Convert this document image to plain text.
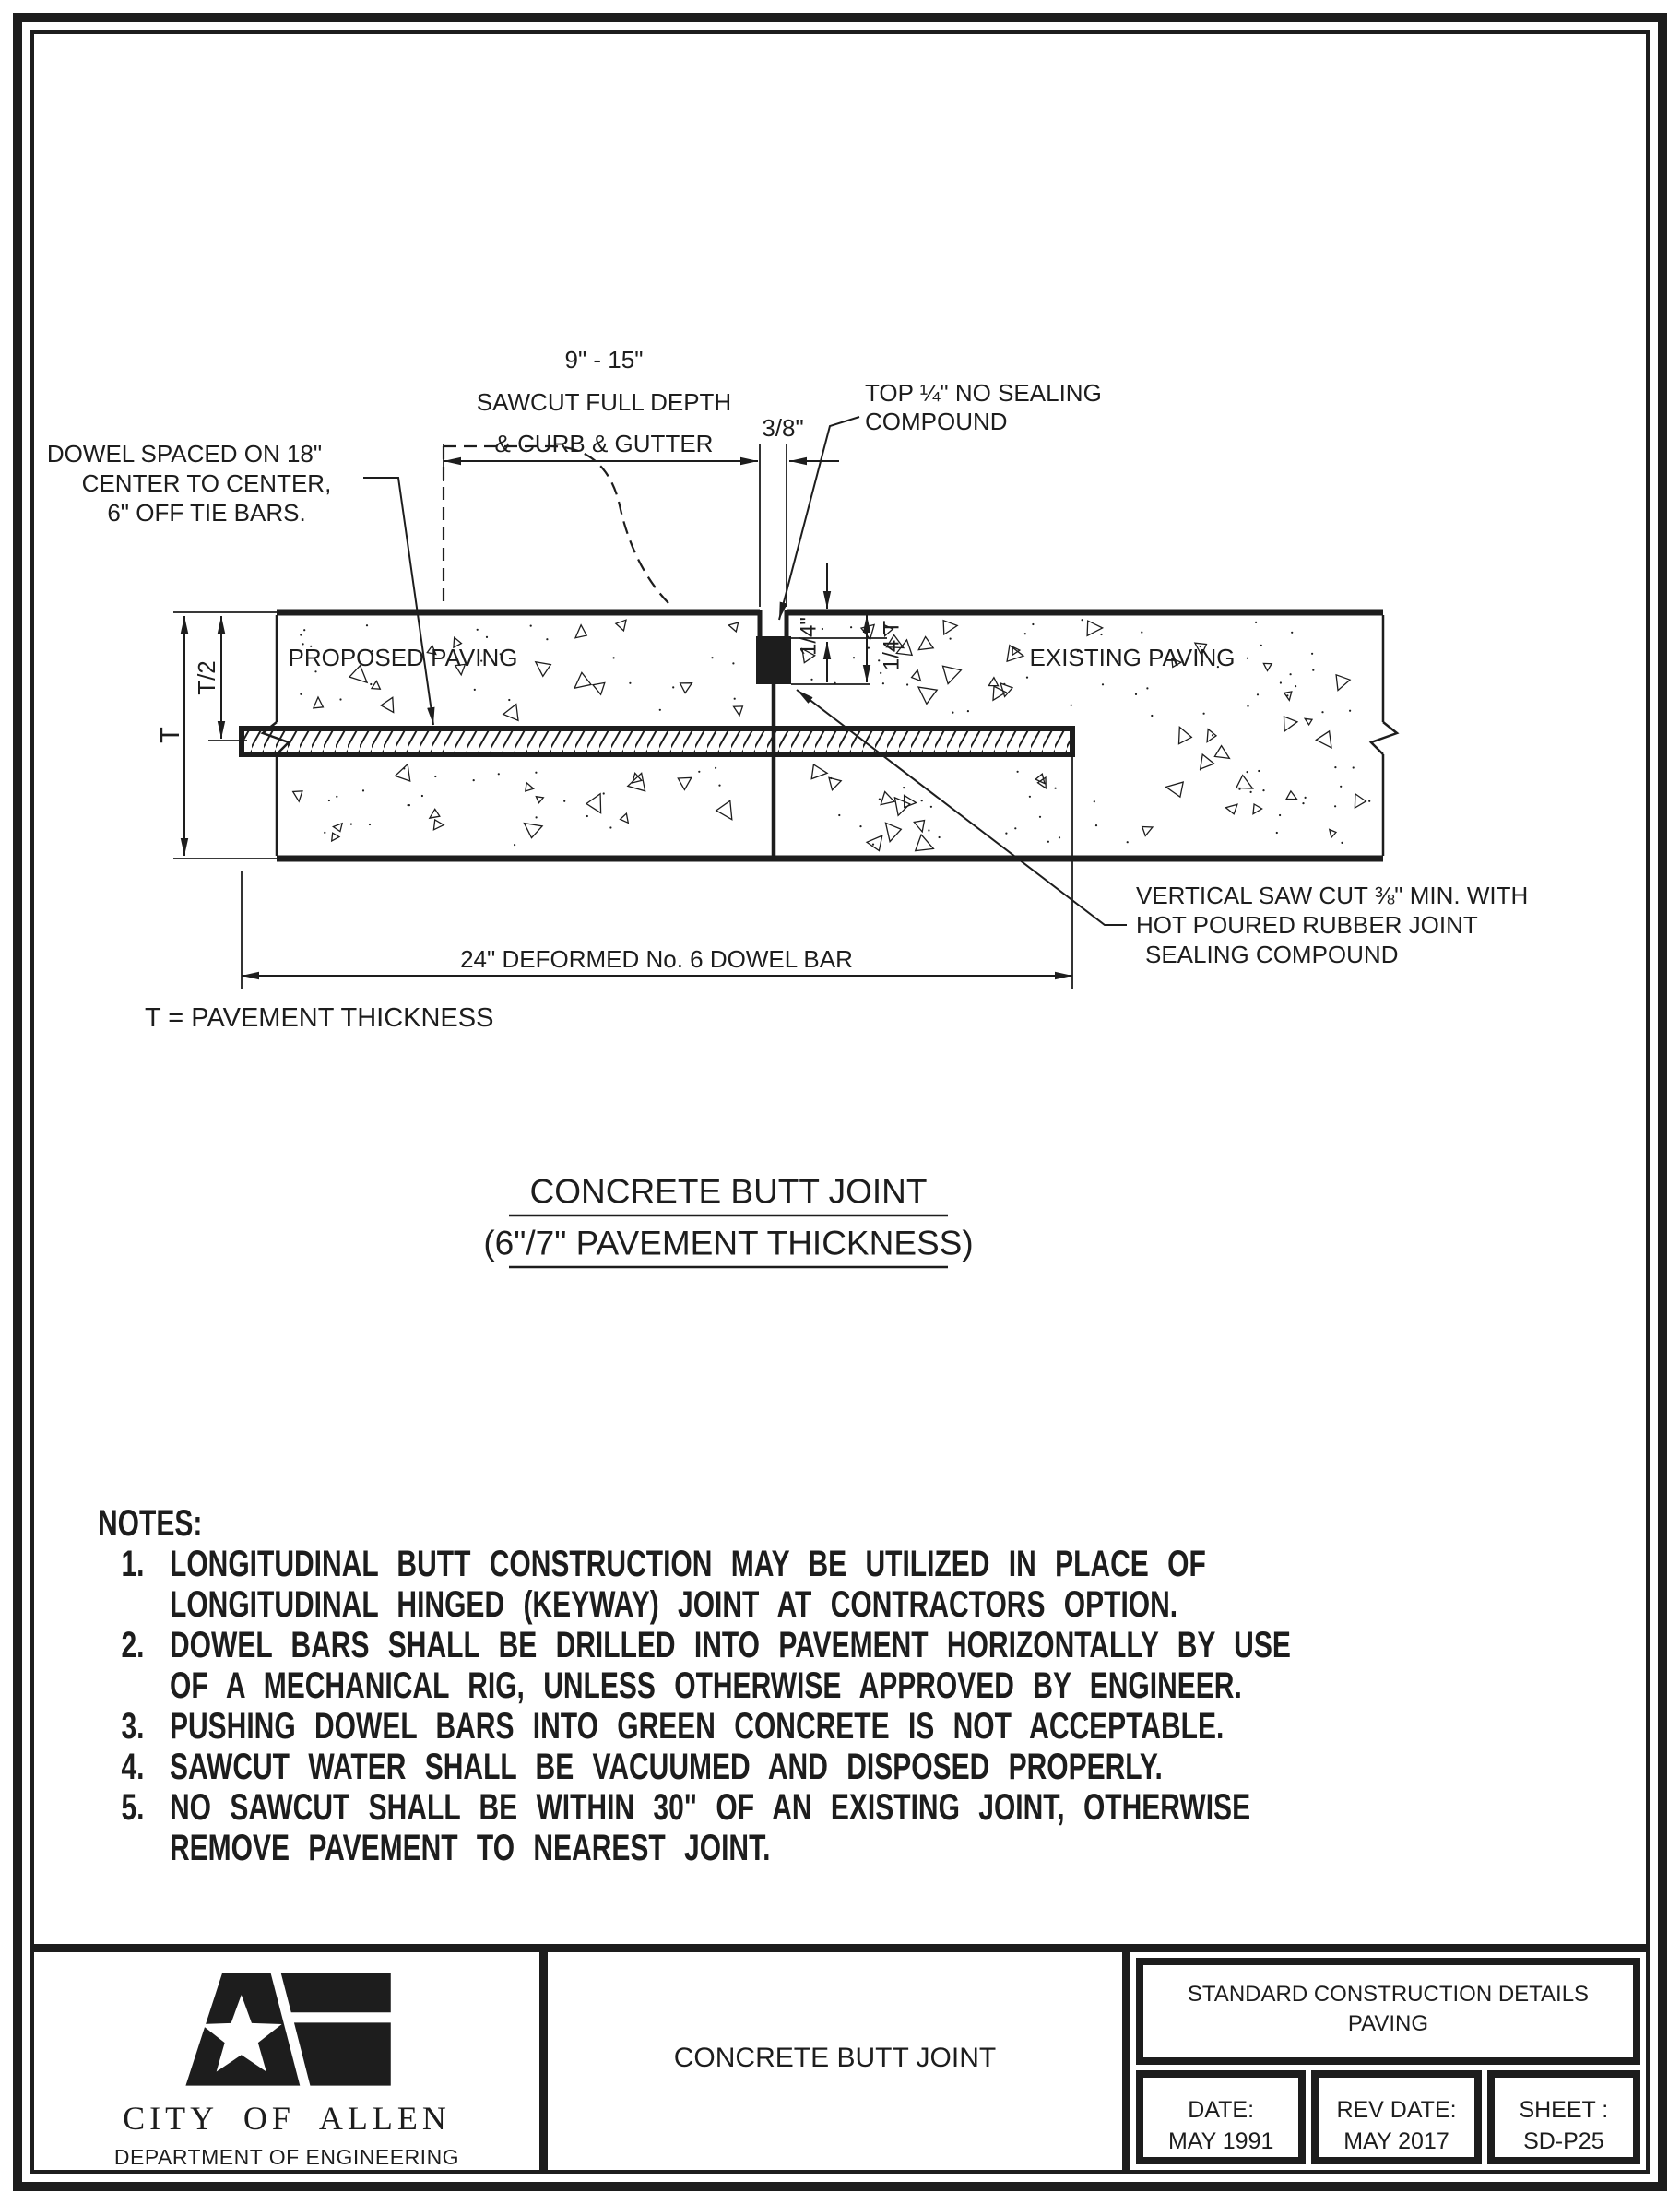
9" - 15"
SAWCUT FULL DEPTH
& CURB & GUTTER
3/8"
TOP ¼" NO SEALING
COMPOUND
DOWEL SPACED ON 18"
CENTER TO CENTER,
6" OFF TIE BARS.
PROPOSED PAVING	EXISTING PAVING
1/4"	1/4 T
T/2
T
24" DEFORMED No. 6 DOWEL BAR
VERTICAL SAW CUT ⅜" MIN. WITH
HOT POURED RUBBER JOINT
SEALING COMPOUND
T = PAVEMENT THICKNESS
CONCRETE BUTT JOINT
(6"/7" PAVEMENT THICKNESS)
NOTES:
1. LONGITUDINAL BUTT CONSTRUCTION MAY BE UTILIZED IN PLACE OF
LONGITUDINAL HINGED (KEYWAY) JOINT AT CONTRACTORS OPTION.
2. DOWEL BARS SHALL BE DRILLED INTO PAVEMENT HORIZONTALLY BY USE
OF A MECHANICAL RIG, UNLESS OTHERWISE APPROVED BY ENGINEER.
3. PUSHING DOWEL BARS INTO GREEN CONCRETE IS NOT ACCEPTABLE.
4. SAWCUT WATER SHALL BE VACUUMED AND DISPOSED PROPERLY.
5. NO SAWCUT SHALL BE WITHIN 30" OF AN EXISTING JOINT, OTHERWISE
REMOVE PAVEMENT TO NEAREST JOINT.
CITY OF ALLEN
DEPARTMENT OF ENGINEERING
CONCRETE BUTT JOINT
STANDARD CONSTRUCTION DETAILS
PAVING
DATE:
MAY 1991
REV DATE:
MAY 2017
SHEET :
SD-P25
